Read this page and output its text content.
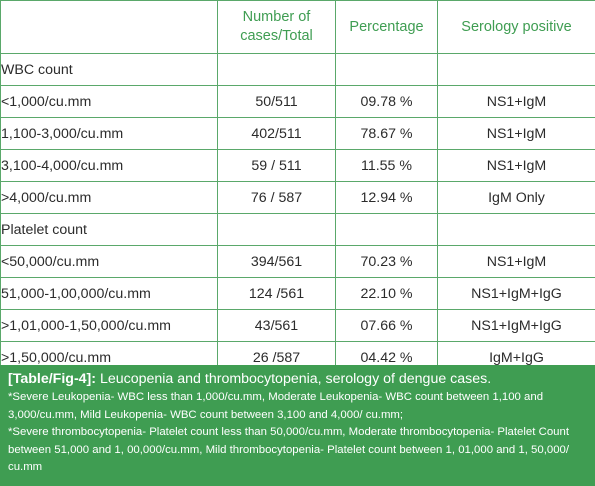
	Number of cases/Total	Percentage	Serology positive
WBC count			
<1,000/cu.mm	50/511	09.78 %	NS1+IgM
1,100-3,000/cu.mm	402/511	78.67 %	NS1+IgM
3,100-4,000/cu.mm	59 / 511	11.55 %	NS1+IgM
>4,000/cu.mm	76 / 587	12.94 %	IgM Only
Platelet count			
<50,000/cu.mm	394/561	70.23 %	NS1+IgM
51,000-1,00,000/cu.mm	124 /561	22.10 %	NS1+IgM+IgG
>1,01,000-1,50,000/cu.mm	43/561	07.66 %	NS1+IgM+IgG
>1,50,000/cu.mm	26 /587	04.42 %	IgM+IgG
[Table/Fig-4]: Leucopenia and thrombocytopenia, serology of dengue cases.
*Severe Leukopenia- WBC less than 1,000/cu.mm, Moderate Leukopenia- WBC count between 1,100 and 3,000/cu.mm, Mild Leukopenia- WBC count between 3,100 and 4,000/ cu.mm;
*Severe thrombocytopenia- Platelet count less than 50,000/cu.mm, Moderate thrombocytopenia- Platelet Count between 51,000 and 1, 00,000/cu.mm, Mild thrombocytopenia- Platelet count between 1, 01,000 and 1, 50,000/ cu.mm
